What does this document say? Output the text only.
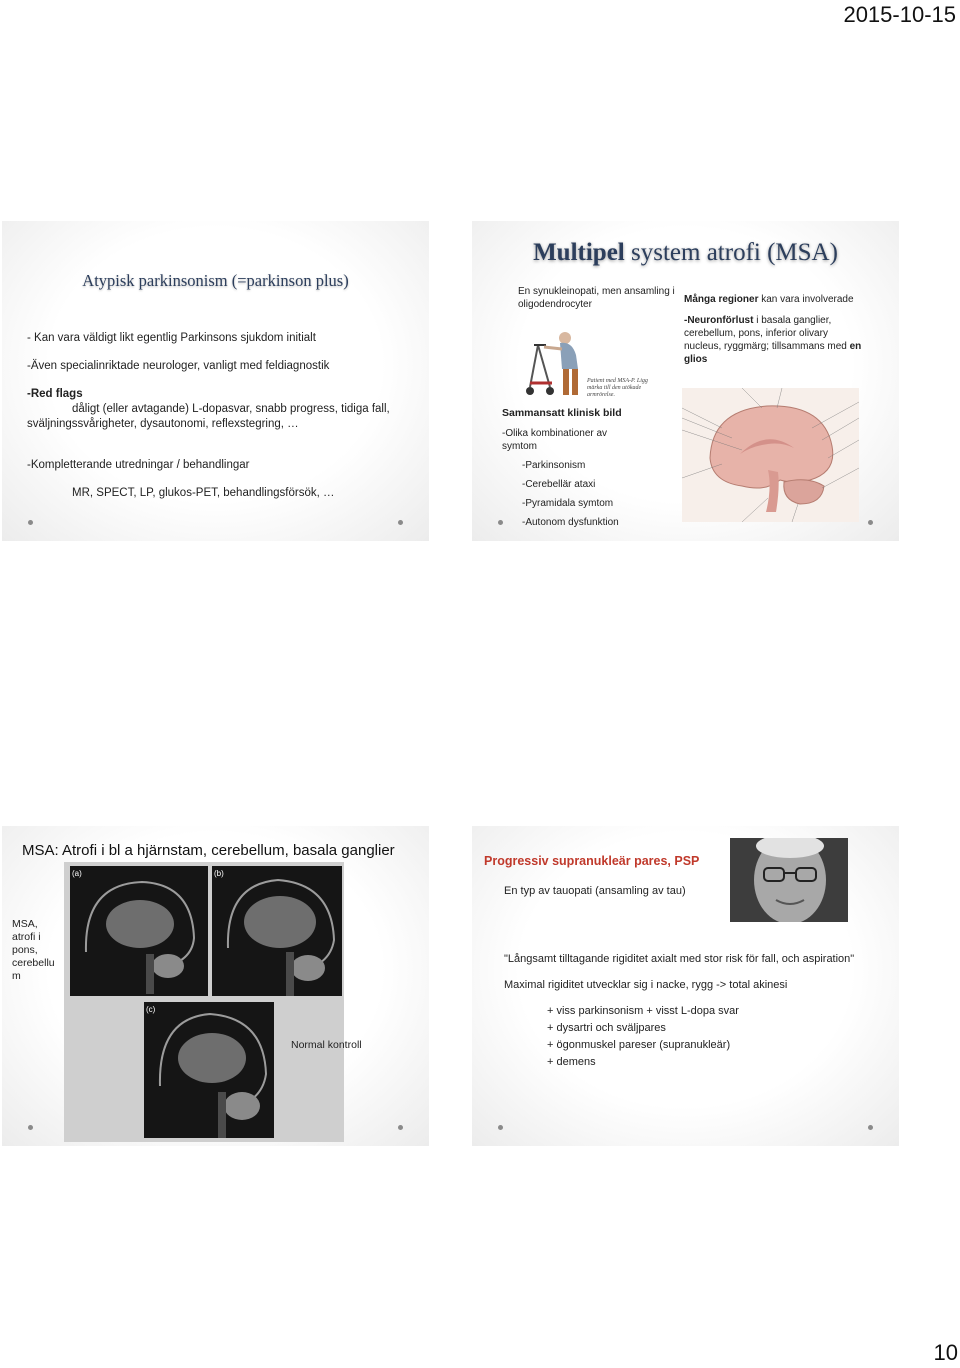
2015-10-15
Atypisk parkinsonism (=parkinson plus)
- Kan vara väldigt likt egentlig Parkinsons sjukdom initialt
-Även specialinriktade neurologer, vanligt med feldiagnostik
-Red flags
dåligt (eller avtagande) L-dopasvar, snabb progress, tidiga fall, sväljningssvårigheter, dysautonomi, reflexstegring, …
-Kompletterande utredningar / behandlingar
MR, SPECT, LP, glukos-PET, behandlingsförsök, …
Multipel system atrofi (MSA)
En synukleinopati, men ansamling i oligodendrocyter	Många regioner kan vara involverade
-Neuronförlust i basala ganglier, cerebellum, pons, inferior olivary nucleus, ryggmärg; tillsammans med en glios
Patient med MSA-P. Ligg märka till den utökade armrörelse.
Sammansatt klinisk bild
-Olika kombinationer av symtom
-Parkinsonism
-Cerebellär ataxi
-Pyramidala symtom
-Autonom dysfunktion
MSA: Atrofi i bl a hjärnstam, cerebellum, basala ganglier
(a)	(b)
(c)
MSA, atrofi i pons, cerebellu m
Normal kontroll
Progressiv supranukleär pares, PSP
En typ av tauopati (ansamling av tau)
"Långsamt tilltagande rigiditet axialt med stor risk för fall, och aspiration"
Maximal rigiditet utvecklar sig i nacke, rygg -> total akinesi
+ viss parkinsonism + visst L-dopa svar
+ dysartri och sväljpares
+ ögonmuskel pareser (supranukleär)
+ demens
10
